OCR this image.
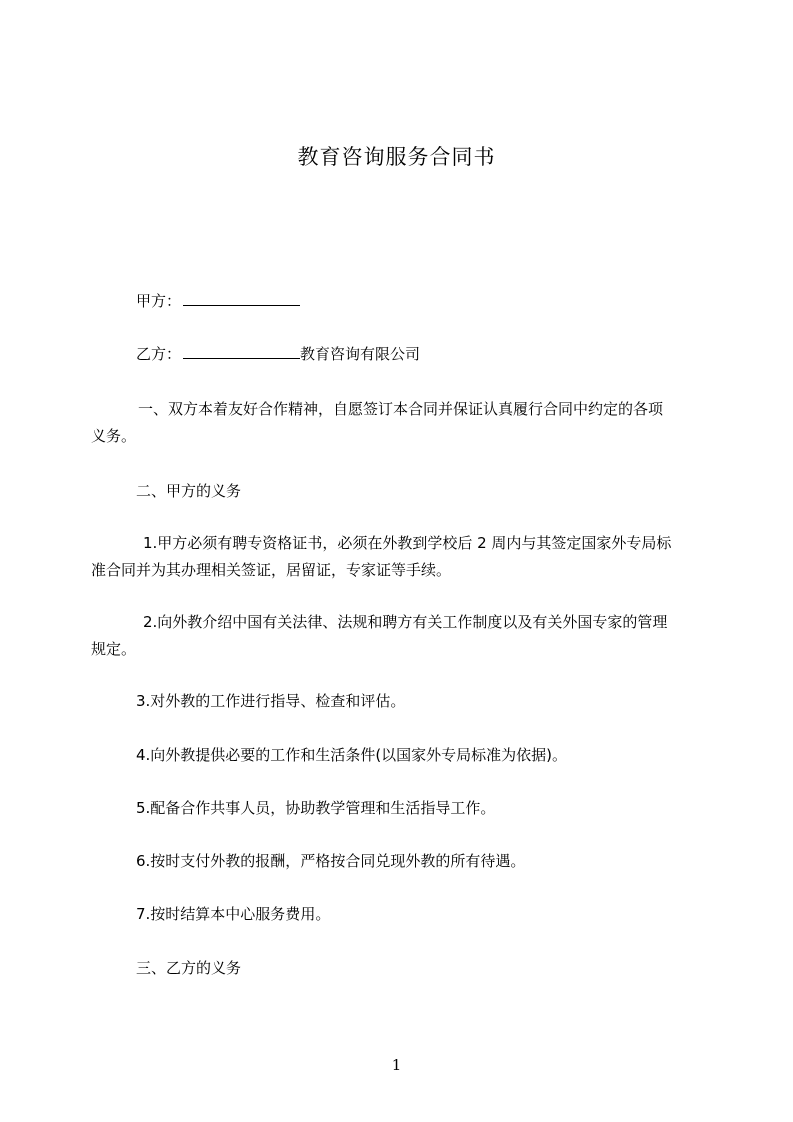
教育咨询服务合同书
甲方：
乙方：	教育咨询有限公司
一、双方本着友好合作精神，自愿签订本合同并保证认真履行合同中约定的各项
义务。
二、甲方的义务
1.甲方必须有聘专资格证书，必须在外教到学校后 2 周内与其签定国家外专局标
准合同并为其办理相关签证，居留证，专家证等手续。
2.向外教介绍中国有关法律、法规和聘方有关工作制度以及有关外国专家的管理
规定。
3.对外教的工作进行指导、检查和评估。
4.向外教提供必要的工作和生活条件(以国家外专局标准为依据)。
5.配备合作共事人员，协助教学管理和生活指导工作。
6.按时支付外教的报酬，严格按合同兑现外教的所有待遇。
7.按时结算本中心服务费用。
三、乙方的义务
1
